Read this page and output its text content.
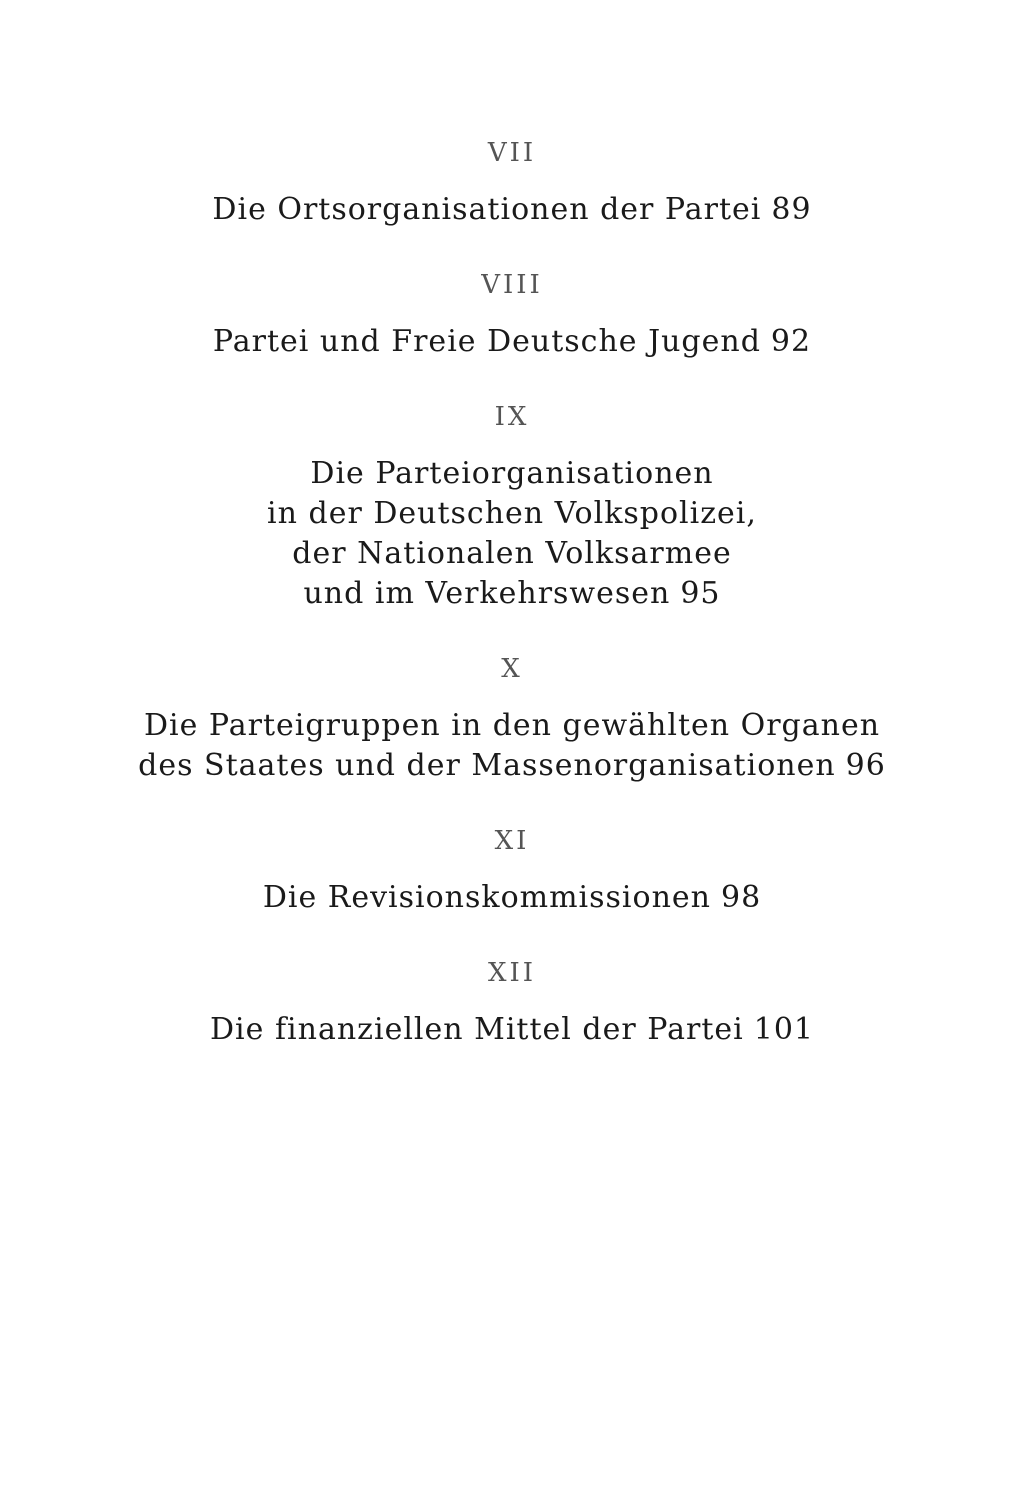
VII
Die Ortsorganisationen der Partei 89
VIII
Partei und Freie Deutsche Jugend 92
IX
Die Parteiorganisationen
in der Deutschen Volkspolizei,
der Nationalen Volksarmee
und im Verkehrswesen 95
X
Die Parteigruppen in den gewählten Organen
des Staates und der Massenorganisationen 96
XI
Die Revisionskommissionen 98
XII
Die finanziellen Mittel der Partei 101
